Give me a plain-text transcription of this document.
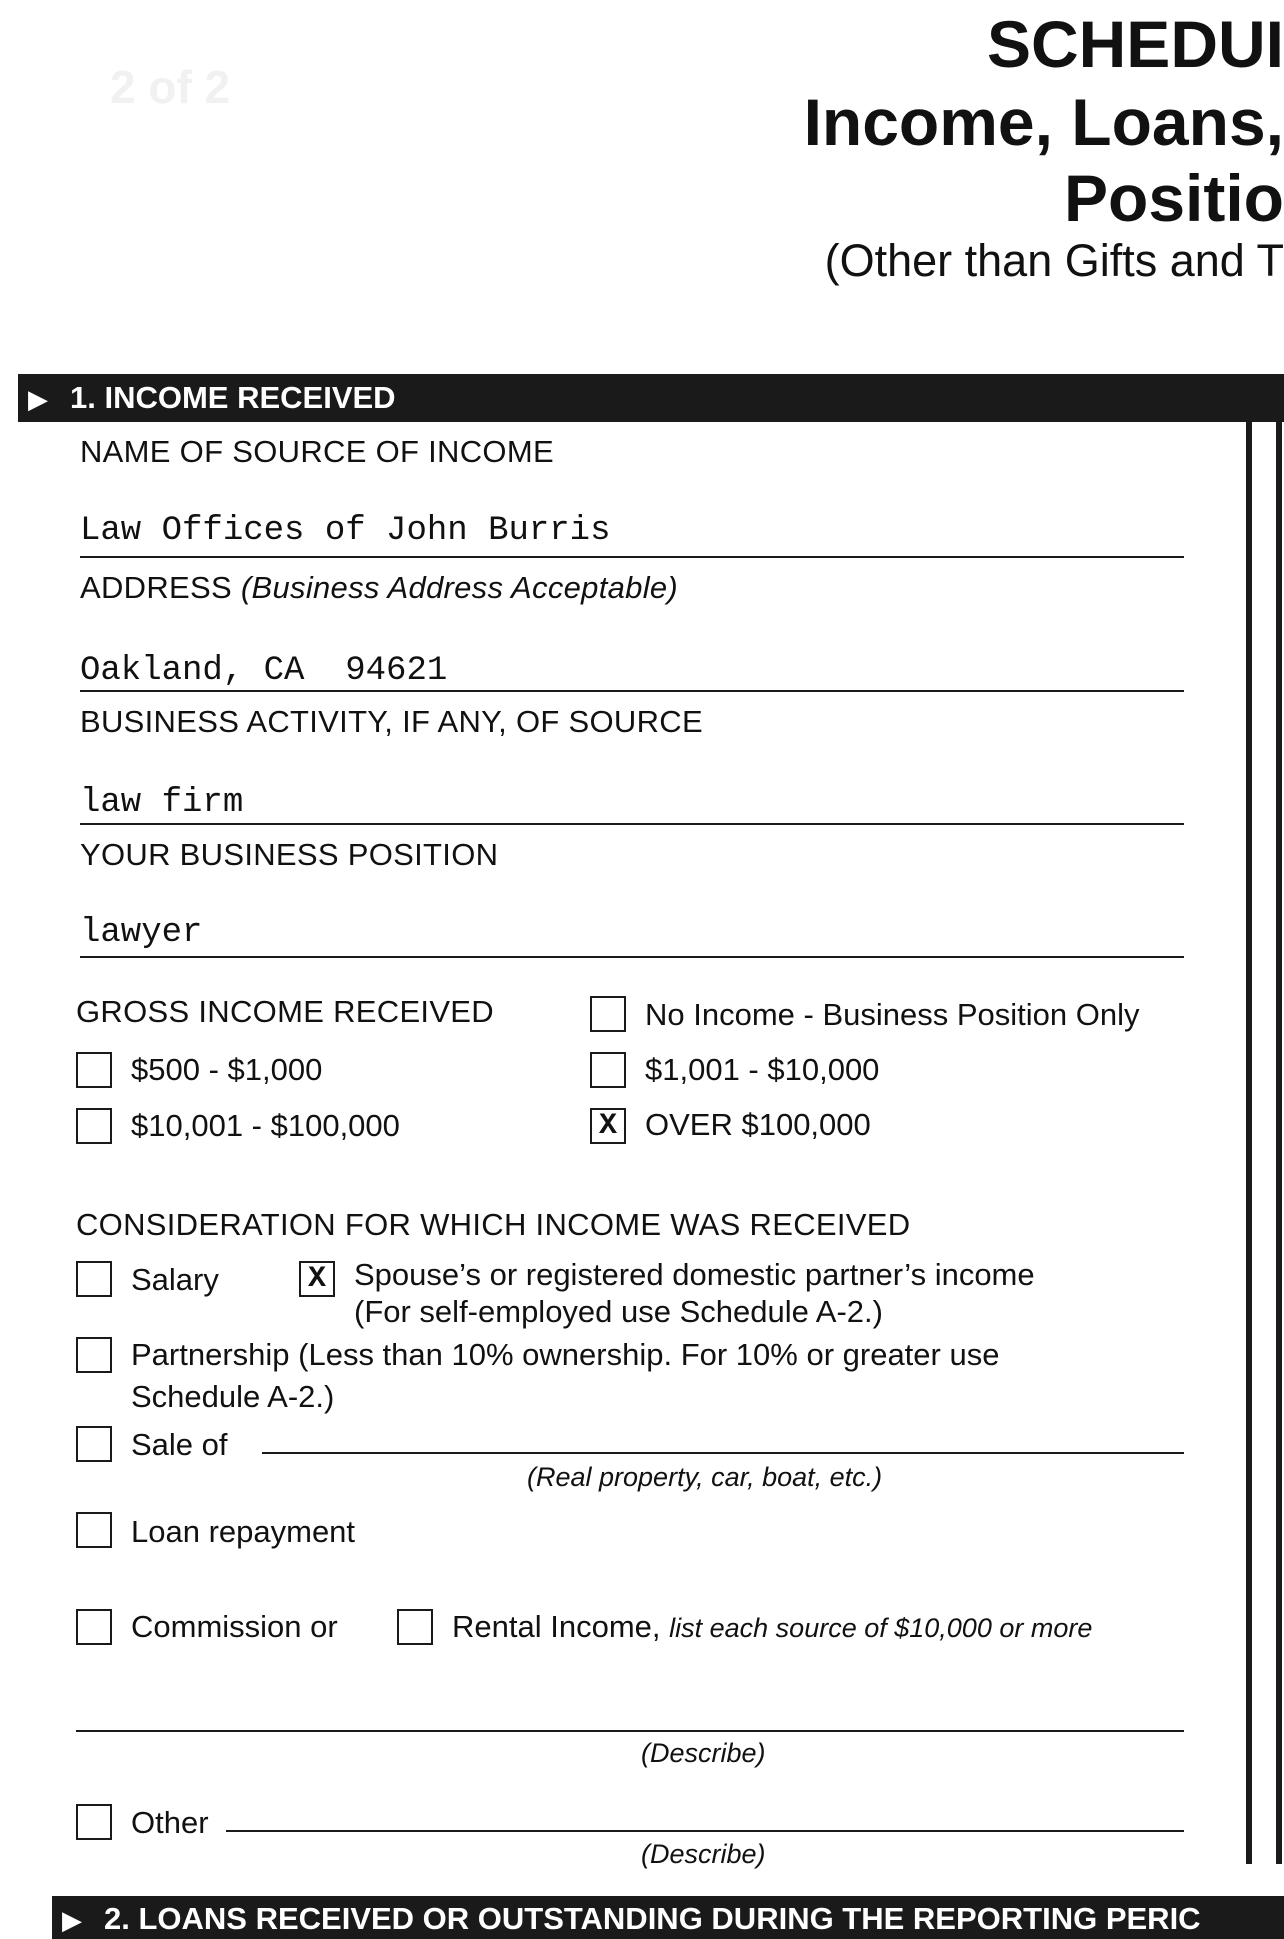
2 of 2
SCHEDUI
Income, Loans,
Positio
(Other than Gifts and T
▶ 1. INCOME RECEIVED
NAME OF SOURCE OF INCOME
Law Offices of John Burris
ADDRESS (Business Address Acceptable)
Oakland, CA  94621
BUSINESS ACTIVITY, IF ANY, OF SOURCE
law firm
YOUR BUSINESS POSITION
lawyer
GROSS INCOME RECEIVED	No Income - Business Position Only
$500 - $1,000	$1,001 - $10,000
$10,001 - $100,000	X OVER $100,000
CONSIDERATION FOR WHICH INCOME WAS RECEIVED
Salary	X Spouse’s or registered domestic partner’s income
(For self-employed use Schedule A-2.)
Partnership (Less than 10% ownership. For 10% or greater use
Schedule A-2.)
Sale of
(Real property, car, boat, etc.)
Loan repayment
Commission or	Rental Income, list each source of $10,000 or more
(Describe)
Other
(Describe)
▶ 2. LOANS RECEIVED OR OUTSTANDING DURING THE REPORTING PERIC
